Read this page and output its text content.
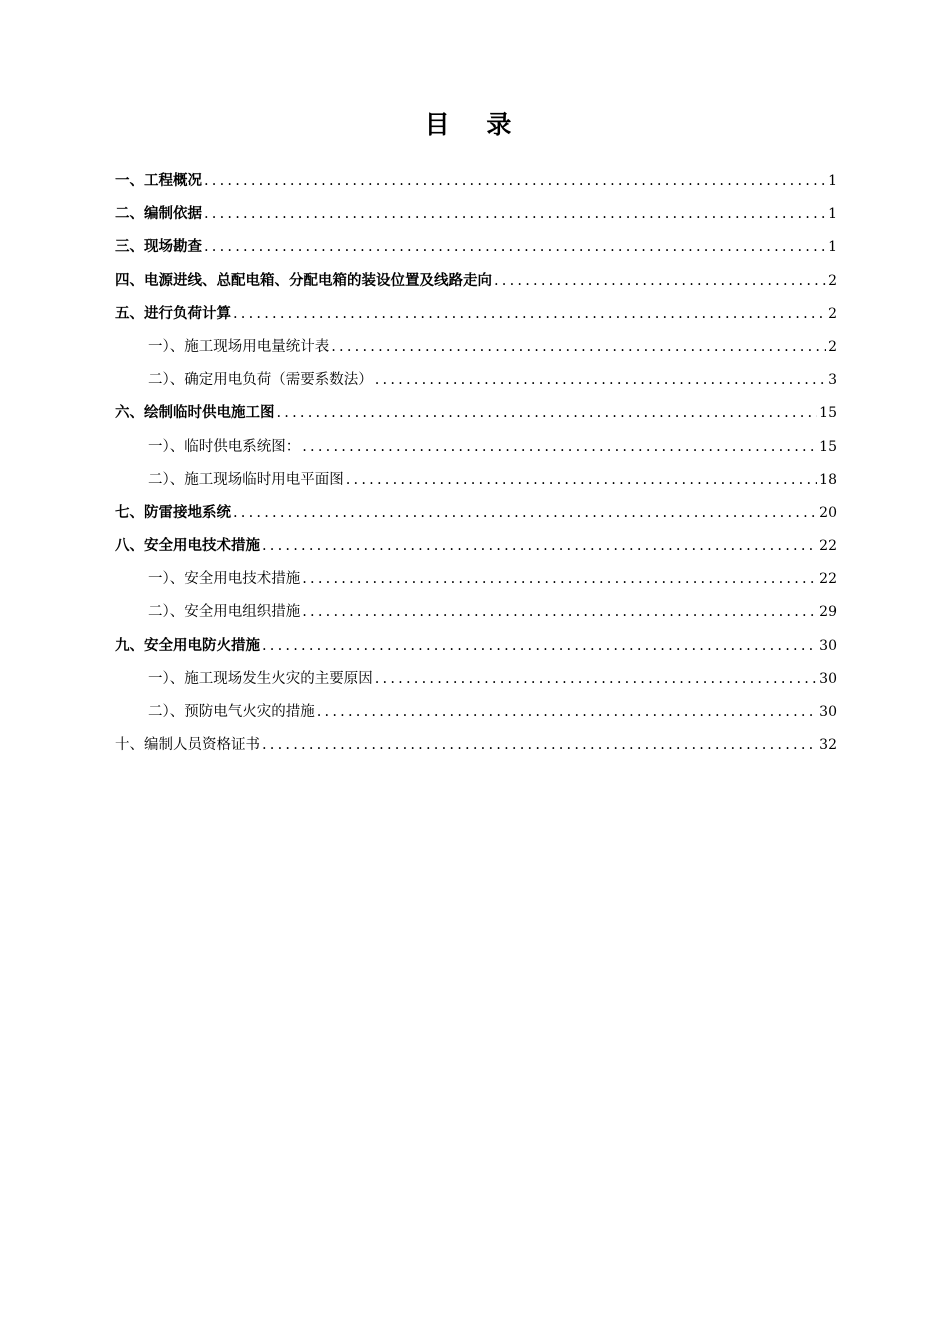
目 录
一、工程概况 .....	1
二、编制依据 .....	1
三、现场勘查 .....	1
四、电源进线、总配电箱、分配电箱的装设位置及线路走向 .....	2
五、进行负荷计算 .....	2
一）、施工现场用电量统计表 .....	2
二）、确定用电负荷（需要系数法） .....	3
六、绘制临时供电施工图 .....	15
一）、临时供电系统图： .....	15
二）、施工现场临时用电平面图 .....	18
七、防雷接地系统 .....	20
八、安全用电技术措施 .....	22
一）、安全用电技术措施 .....	22
二）、安全用电组织措施 .....	29
九、安全用电防火措施 .....	30
一）、施工现场发生火灾的主要原因 .....	30
二）、预防电气火灾的措施 .....	30
十、编制人员资格证书 .....	32
